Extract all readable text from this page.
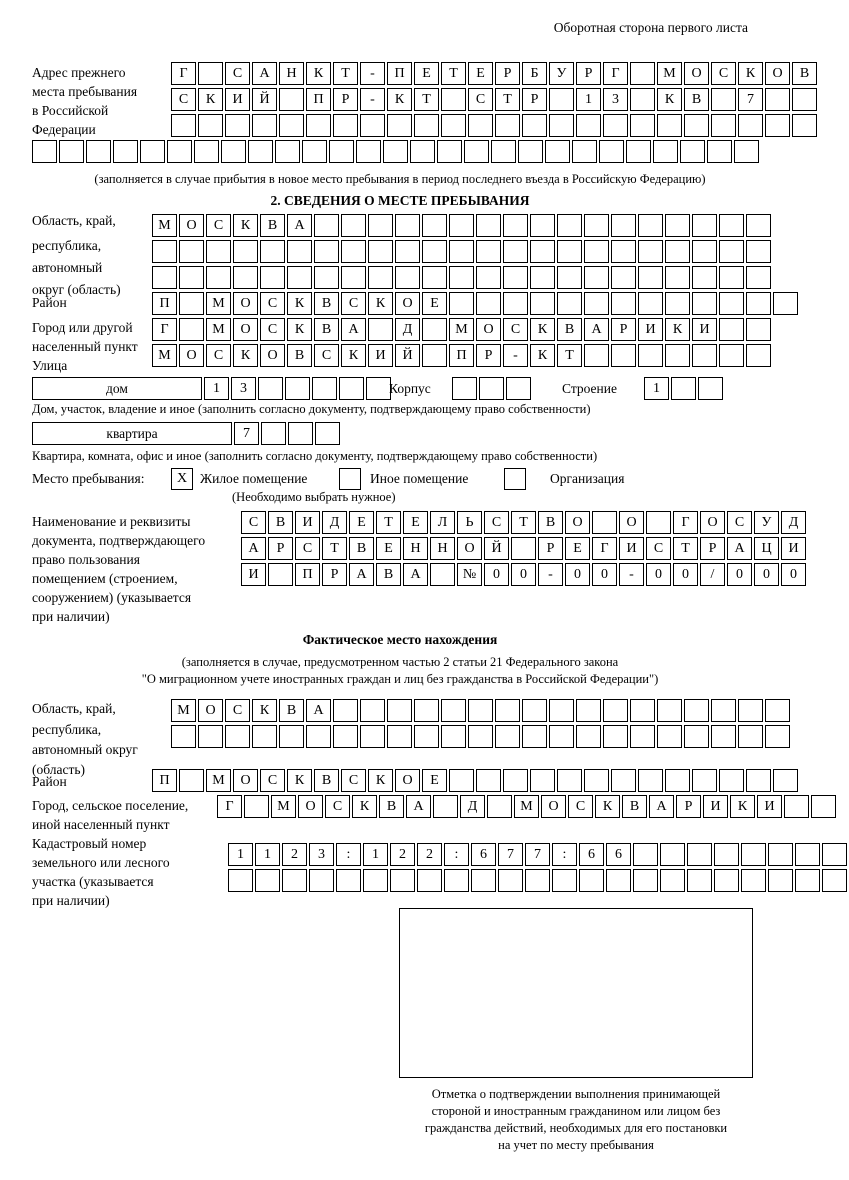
Оборотная сторона первого листа
Адрес прежнего
места пребывания
в Российской
Федерации
Г	С	А	Н	К	Т	-	П	Е	Т	Е	Р	Б	У	Р	Г	М	О	С	К	О	В
С	К	И	Й	П	Р	-	К	Т	С	Т	Р	1	3	К	В	7
(заполняется в случае прибытия в новое место пребывания в период последнего въезда в Российскую Федерацию)
2. СВЕДЕНИЯ О МЕСТЕ ПРЕБЫВАНИЯ
Область, край,
республика,
автономный
округ (область)
М	О	С	К	В	А
Район	П	М	О	С	К	В	С	К	О	Е
Город или другой
населенный пункт
Г	М	О	С	К	В	А	Д	М	О	С	К	В	А	Р	И	К	И
Улица
М	О	С	К	О	В	С	К	И	Й	П	Р	-	К	Т
дом	1	3	Корпус	Строение	1
Дом, участок, владение и иное (заполнить согласно документу, подтверждающему право собственности)
квартира	7
Квартира, комната, офис и иное (заполнить согласно документу, подтверждающему право собственности)
Место пребывания:	X Жилое помещение	Иное помещение	Организация
(Необходимо выбрать нужное)
Наименование и реквизиты
документа, подтверждающего
право пользования
помещением (строением,
сооружением) (указывается
при наличии)
С	В	И	Д	Е	Т	Е	Л	Ь	С	Т	В	О	О	Г	О	С	У	Д
А	Р	С	Т	В	Е	Н	Н	О	Й	Р	Е	Г	И	С	Т	Р	А	Ц	И
И	П	Р	А	В	А	№	0	0	-	0	0	-	0	0	/	0	0	0
Фактическое место нахождения
(заполняется в случае, предусмотренном частью 2 статьи 21 Федерального закона
"О миграционном учете иностранных граждан и лиц без гражданства в Российской Федерации")
Область, край,
республика,
автономный округ
(область)
М	О	С	К	В	А
Район	П	М	О	С	К	В	С	К	О	Е
Город, сельское поселение,
иной населенный пункт
Г	М	О	С	К	В	А	Д	М	О	С	К	В	А	Р	И	К	И
Кадастровый номер
земельного или лесного
участка (указывается
при наличии)
1	1	2	3	:	1	2	2	:	6	7	7	:	6	6
Отметка о подтверждении выполнения принимающей
стороной и иностранным гражданином или лицом без
гражданства действий, необходимых для его постановки
на учет по месту пребывания
